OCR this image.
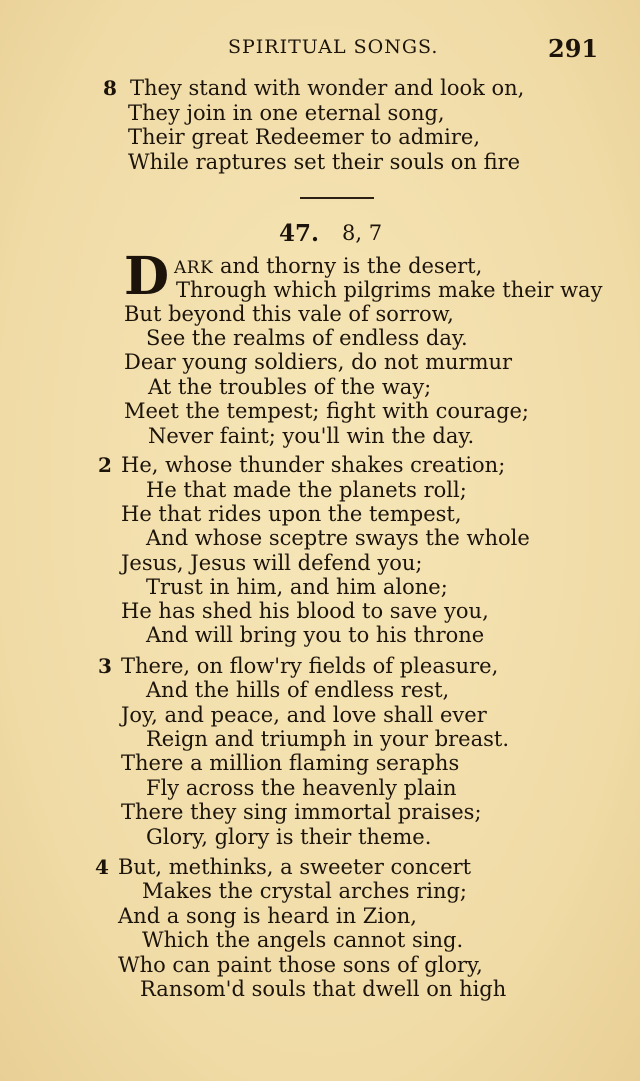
SPIRITUAL SONGS.	291
8 They stand with wonder and look on,
They join in one eternal song,
Their great Redeemer to admire,
While raptures set their souls on fire
47. 8, 7
D ARK and thorny is the desert,
Through which pilgrims make their way
But beyond this vale of sorrow,
See the realms of endless day.
Dear young soldiers, do not murmur
At the troubles of the way;
Meet the tempest; fight with courage;
Never faint; you'll win the day.
2 He, whose thunder shakes creation;
He that made the planets roll;
He that rides upon the tempest,
And whose sceptre sways the whole
Jesus, Jesus will defend you;
Trust in him, and him alone;
He has shed his blood to save you,
And will bring you to his throne
3 There, on flow'ry fields of pleasure,
And the hills of endless rest,
Joy, and peace, and love shall ever
Reign and triumph in your breast.
There a million flaming seraphs
Fly across the heavenly plain
There they sing immortal praises;
Glory, glory is their theme.
4 But, methinks, a sweeter concert
Makes the crystal arches ring;
And a song is heard in Zion,
Which the angels cannot sing.
Who can paint those sons of glory,
Ransom'd souls that dwell on high
